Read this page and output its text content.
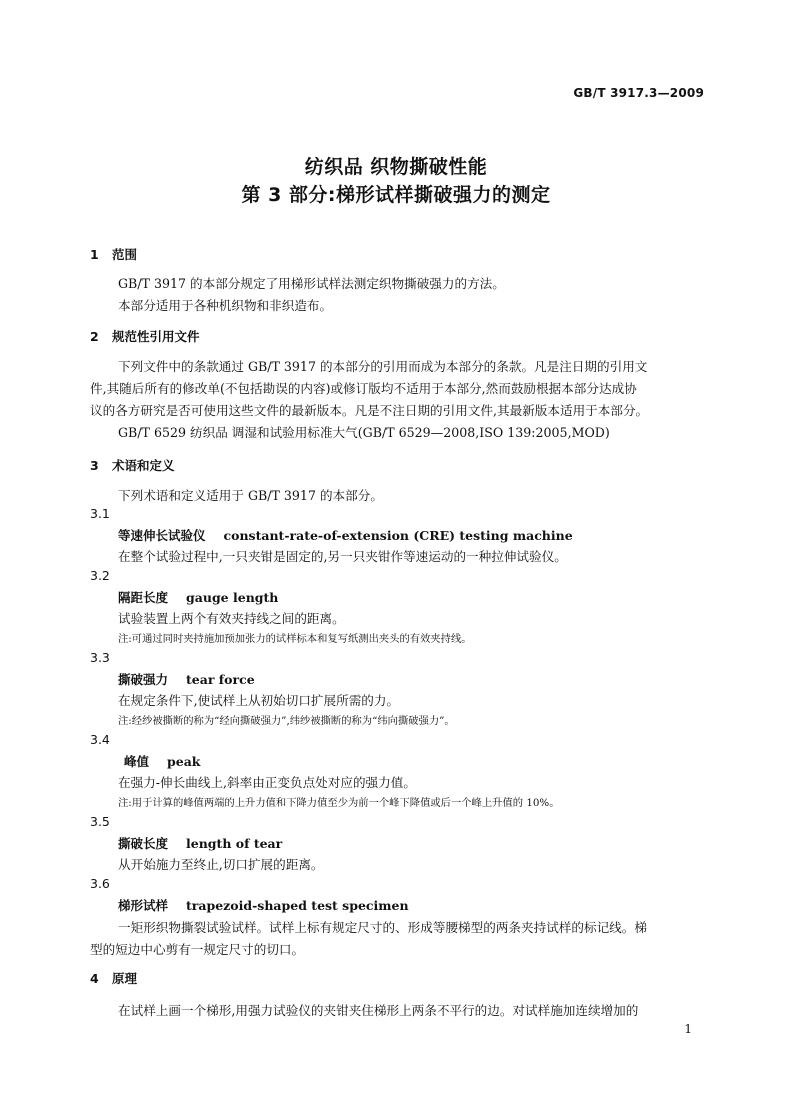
GB/T 3917.3—2009
纺织品 织物撕破性能
第 3 部分:梯形试样撕破强力的测定
1 范围
GB/T 3917 的本部分规定了用梯形试样法测定织物撕破强力的方法。
本部分适用于各种机织物和非织造布。
2 规范性引用文件
下列文件中的条款通过 GB/T 3917 的本部分的引用而成为本部分的条款。凡是注日期的引用文
件,其随后所有的修改单(不包括勘误的内容)或修订版均不适用于本部分,然而鼓励根据本部分达成协
议的各方研究是否可使用这些文件的最新版本。凡是不注日期的引用文件,其最新版本适用于本部分。
GB/T 6529 纺织品 调湿和试验用标准大气(GB/T 6529—2008,ISO 139:2005,MOD)
3 术语和定义
下列术语和定义适用于 GB/T 3917 的本部分。
3.1
等速伸长试验仪 constant-rate-of-extension (CRE) testing machine
在整个试验过程中,一只夹钳是固定的,另一只夹钳作等速运动的一种拉伸试验仪。
3.2
隔距长度 gauge length
试验装置上两个有效夹持线之间的距离。
注:可通过同时夹持施加预加张力的试样标本和复写纸测出夹头的有效夹持线。
3.3
撕破强力 tear force
在规定条件下,使试样上从初始切口扩展所需的力。
注:经纱被撕断的称为“经向撕破强力”,纬纱被撕断的称为“纬向撕破强力”。
3.4
峰值 peak
在强力-伸长曲线上,斜率由正变负点处对应的强力值。
注:用于计算的峰值两端的上升力值和下降力值至少为前一个峰下降值或后一个峰上升值的 10%。
3.5
撕破长度 length of tear
从开始施力至终止,切口扩展的距离。
3.6
梯形试样 trapezoid-shaped test specimen
一矩形织物撕裂试验试样。试样上标有规定尺寸的、形成等腰梯型的两条夹持试样的标记线。梯
型的短边中心剪有一规定尺寸的切口。
4 原理
在试样上画一个梯形,用强力试验仪的夹钳夹住梯形上两条不平行的边。对试样施加连续增加的
1
